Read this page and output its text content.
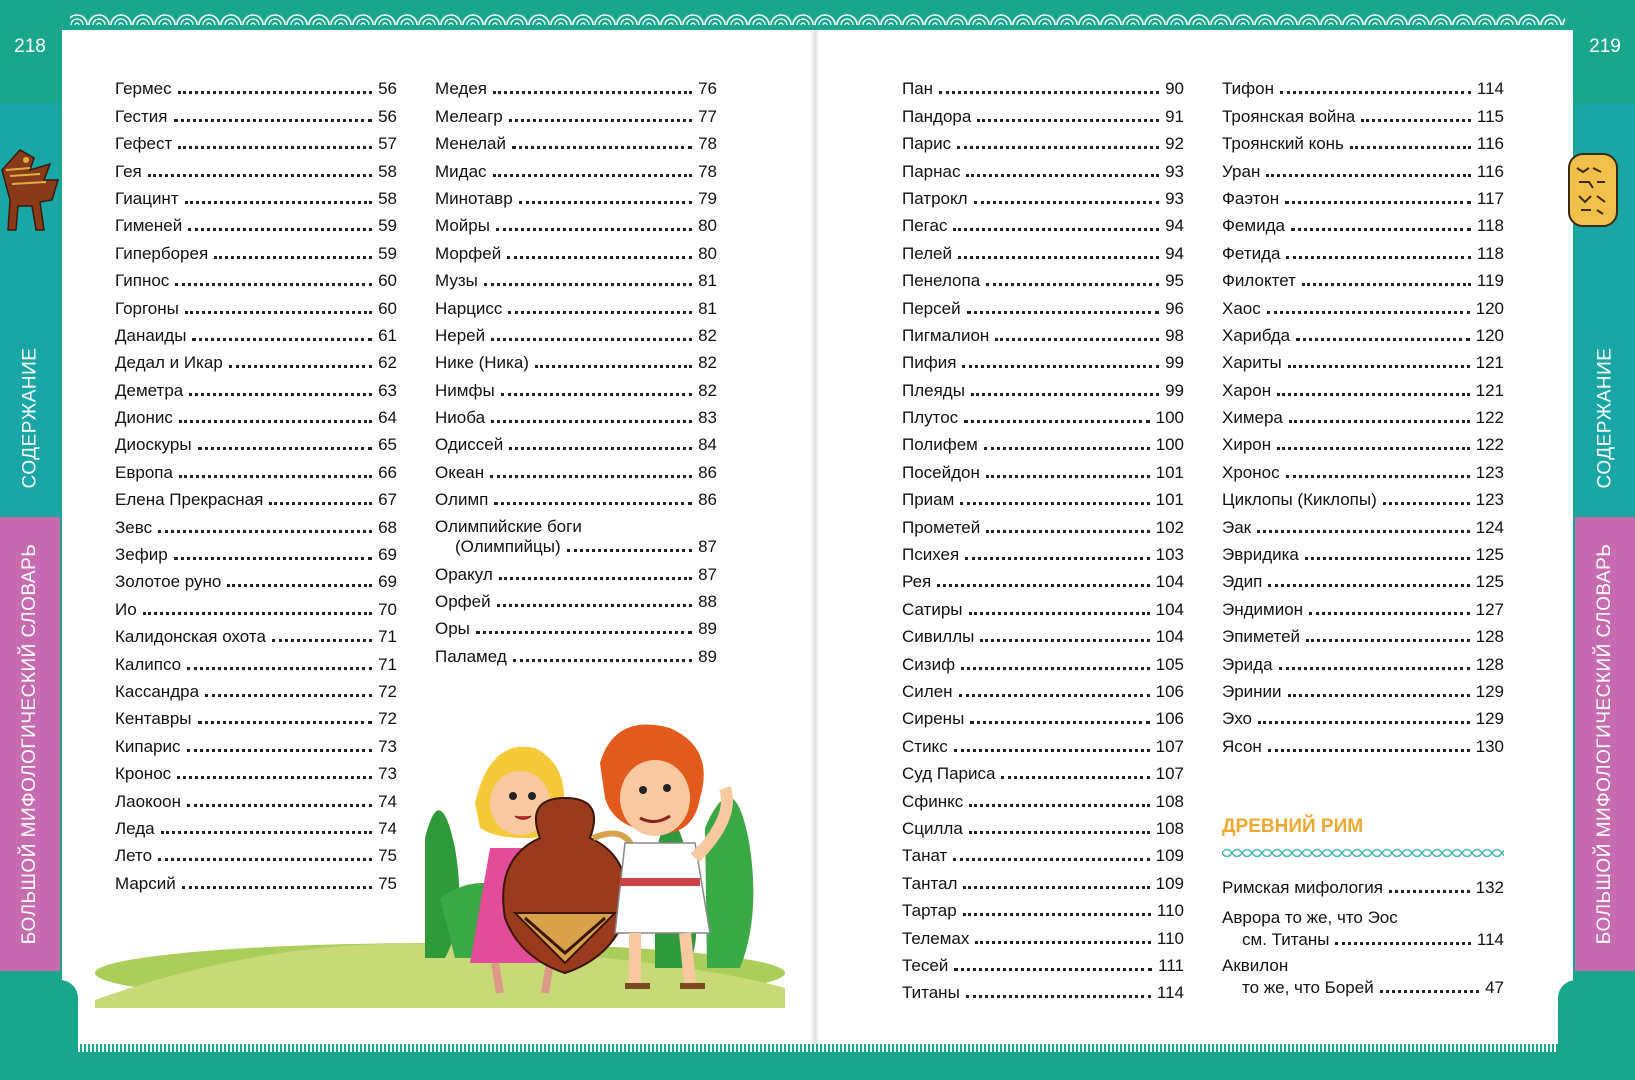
218	219
СОДЕРЖАНИЕ
БОЛЬШОЙ МИФОЛОГИЧЕСКИЙ СЛОВАРЬ
СОДЕРЖАНИЕ
БОЛЬШОЙ МИФОЛОГИЧЕСКИЙ СЛОВАРЬ
Гермес	56
Гестия	56
Гефест	57
Гея	58
Гиацинт	58
Гименей	59
Гиперборея	59
Гипнос	60
Горгоны	60
Данаиды	61
Дедал и Икар	62
Деметра	63
Дионис	64
Диоскуры	65
Европа	66
Елена Прекрасная	67
Зевс	68
Зефир	69
Золотое руно	69
Ио	70
Калидонская охота	71
Калипсо	71
Кассандра	72
Кентавры	72
Кипарис	73
Кронос	73
Лаокоон	74
Леда	74
Лето	75
Марсий	75
Медея	76
Мелеагр	77
Менелай	78
Мидас	78
Минотавр	79
Мойры	80
Морфей	80
Музы	81
Нарцисс	81
Нерей	82
Нике (Ника)	82
Нимфы	82
Ниоба	83
Одиссей	84
Океан	86
Олимп	86
Олимпийские боги
(Олимпийцы)	87
Оракул	87
Орфей	88
Оры	89
Паламед	89
Пан	90
Пандора	91
Парис	92
Парнас	93
Патрокл	93
Пегас	94
Пелей	94
Пенелопа	95
Персей	96
Пигмалион	98
Пифия	99
Плеяды	99
Плутос	100
Полифем	100
Посейдон	101
Приам	101
Прометей	102
Психея	103
Рея	104
Сатиры	104
Сивиллы	104
Сизиф	105
Силен	106
Сирены	106
Стикс	107
Суд Париса	107
Сфинкс	108
Сцилла	108
Танат	109
Тантал	109
Тартар	110
Телемах	110
Тесей	111
Титаны	114
Тифон	114
Троянская война	115
Троянский конь	116
Уран	116
Фаэтон	117
Фемида	118
Фетида	118
Филоктет	119
Хаос	120
Харибда	120
Хариты	121
Харон	121
Химера	122
Хирон	122
Хронос	123
Циклопы (Киклопы)	123
Эак	124
Эвридика	125
Эдип	125
Эндимион	127
Эпиметей	128
Эрида	128
Эринии	129
Эхо	129
Ясон	130
ДРЕВНИЙ РИМ
Римская мифология	132
Аврора то же, что Эос
см. Титаны	114
Аквилон
то же, что Борей	47
